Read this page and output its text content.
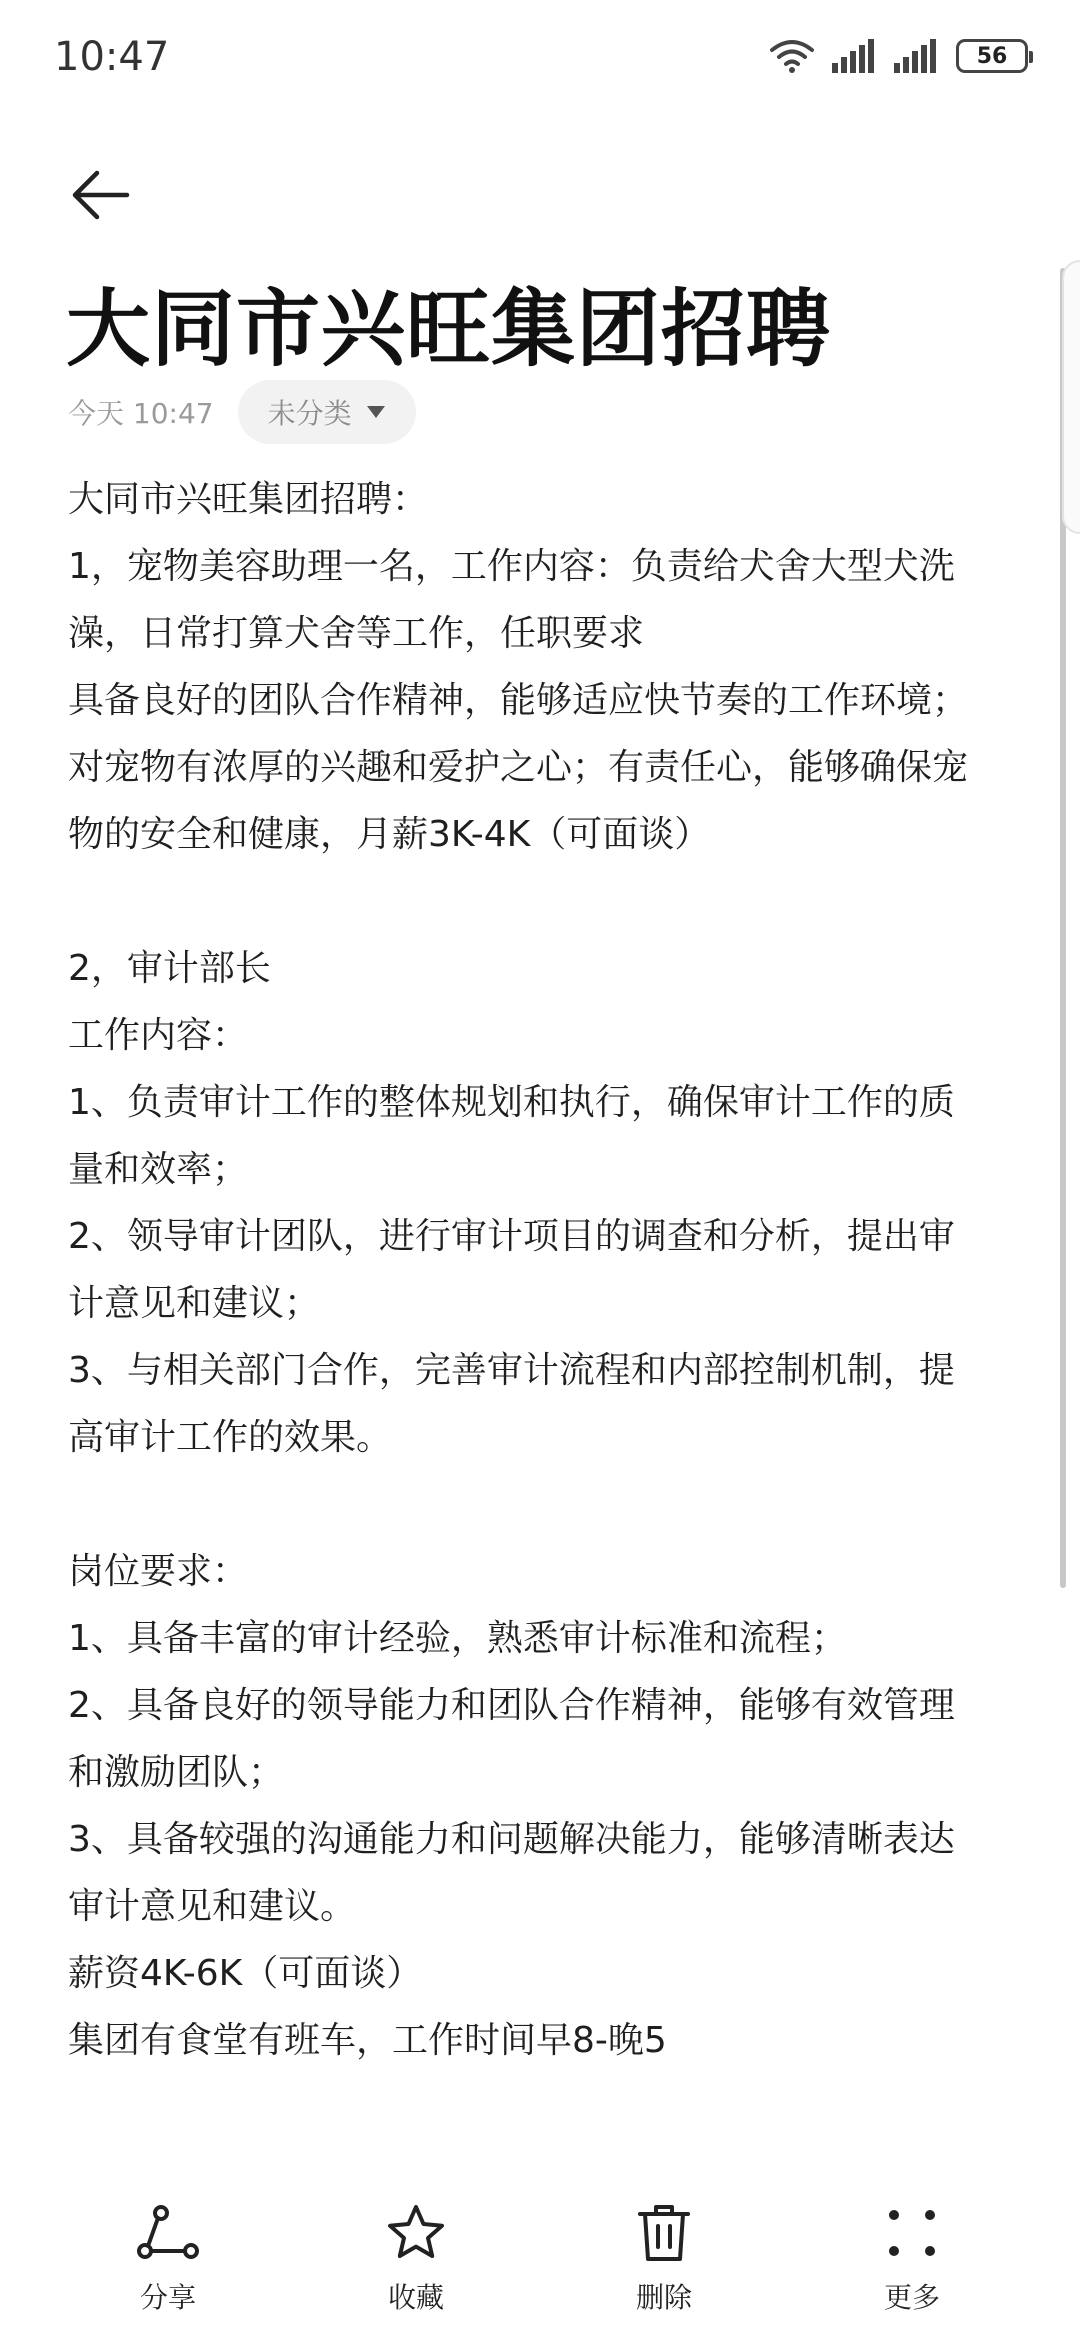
10:47	56
大同市兴旺集团招聘
今天 10:47 未分类
大同市兴旺集团招聘：
1，宠物美容助理一名，工作内容：负责给犬舍大型犬洗
澡，日常打算犬舍等工作，任职要求
具备良好的团队合作精神，能够适应快节奏的工作环境；
对宠物有浓厚的兴趣和爱护之心；有责任心，能够确保宠
物的安全和健康，月薪3K-4K（可面谈）
2，审计部长
工作内容：
1、负责审计工作的整体规划和执行，确保审计工作的质
量和效率；
2、领导审计团队，进行审计项目的调查和分析，提出审
计意见和建议；
3、与相关部门合作，完善审计流程和内部控制机制，提
高审计工作的效果。
岗位要求：
1、具备丰富的审计经验，熟悉审计标准和流程；
2、具备良好的领导能力和团队合作精神，能够有效管理
和激励团队；
3、具备较强的沟通能力和问题解决能力，能够清晰表达
审计意见和建议。
薪资4K-6K（可面谈）
集团有食堂有班车，工作时间早8-晚5
分享	收藏	删除	更多
